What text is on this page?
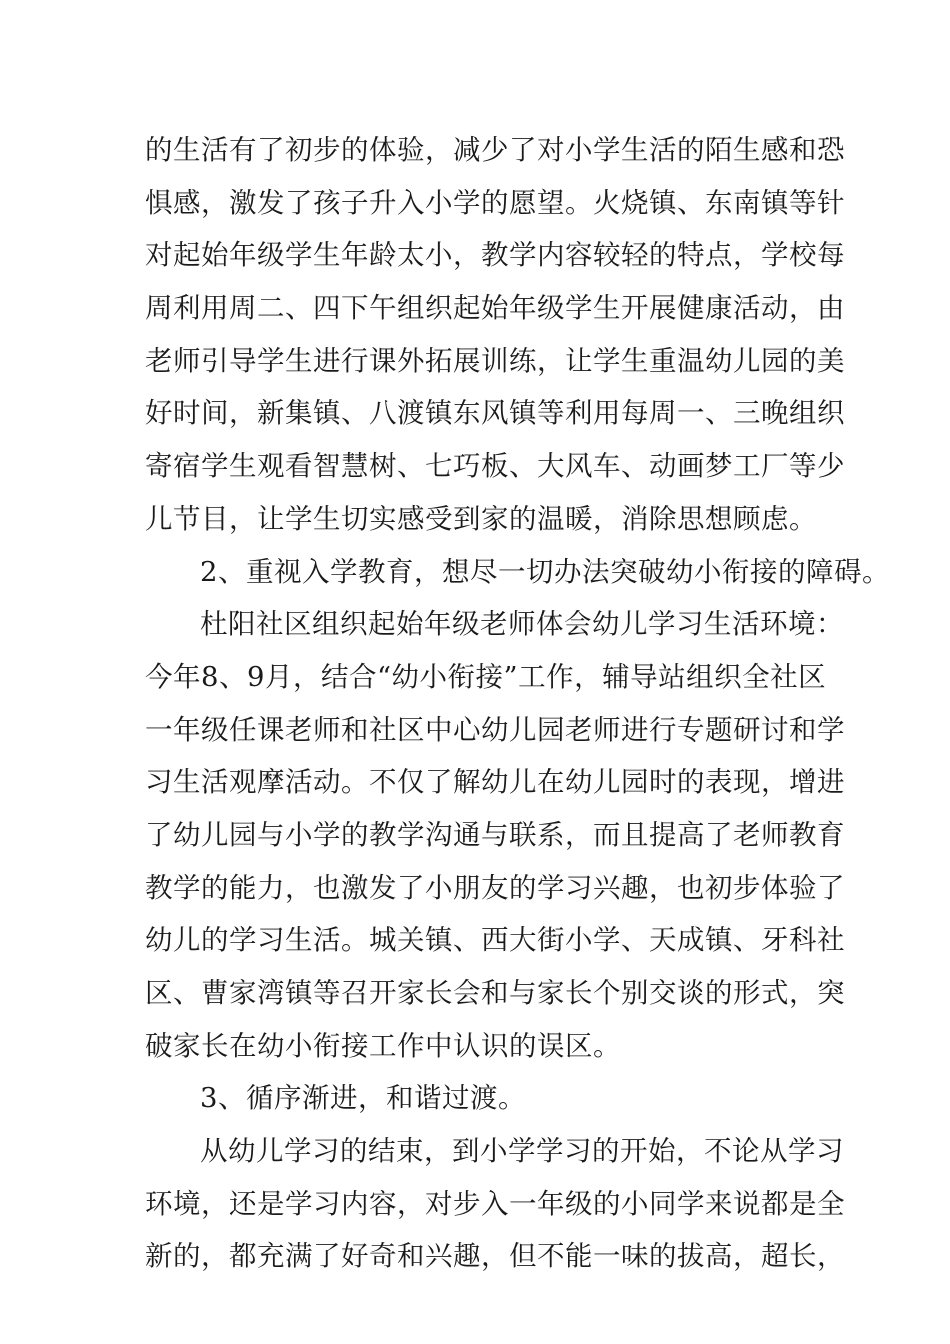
的生活有了初步的体验，减少了对小学生活的陌生感和恐
惧感，激发了孩子升入小学的愿望。火烧镇、东南镇等针
对起始年级学生年龄太小，教学内容较轻的特点，学校每
周利用周二、四下午组织起始年级学生开展健康活动，由
老师引导学生进行课外拓展训练，让学生重温幼儿园的美
好时间，新集镇、八渡镇东风镇等利用每周一、三晚组织
寄宿学生观看智慧树、七巧板、大风车、动画梦工厂等少
儿节目，让学生切实感受到家的温暖，消除思想顾虑。
2、重视入学教育，想尽一切办法突破幼小衔接的障碍。
杜阳社区组织起始年级老师体会幼儿学习生活环境：
今年8、9月，结合“幼小衔接”工作，辅导站组织全社区
一年级任课老师和社区中心幼儿园老师进行专题研讨和学
习生活观摩活动。不仅了解幼儿在幼儿园时的表现，增进
了幼儿园与小学的教学沟通与联系，而且提高了老师教育
教学的能力，也激发了小朋友的学习兴趣，也初步体验了
幼儿的学习生活。城关镇、西大街小学、天成镇、牙科社
区、曹家湾镇等召开家长会和与家长个别交谈的形式，突
破家长在幼小衔接工作中认识的误区。
3、循序渐进，和谐过渡。
从幼儿学习的结束，到小学学习的开始，不论从学习
环境，还是学习内容，对步入一年级的小同学来说都是全
新的，都充满了好奇和兴趣，但不能一味的拔高，超长，
